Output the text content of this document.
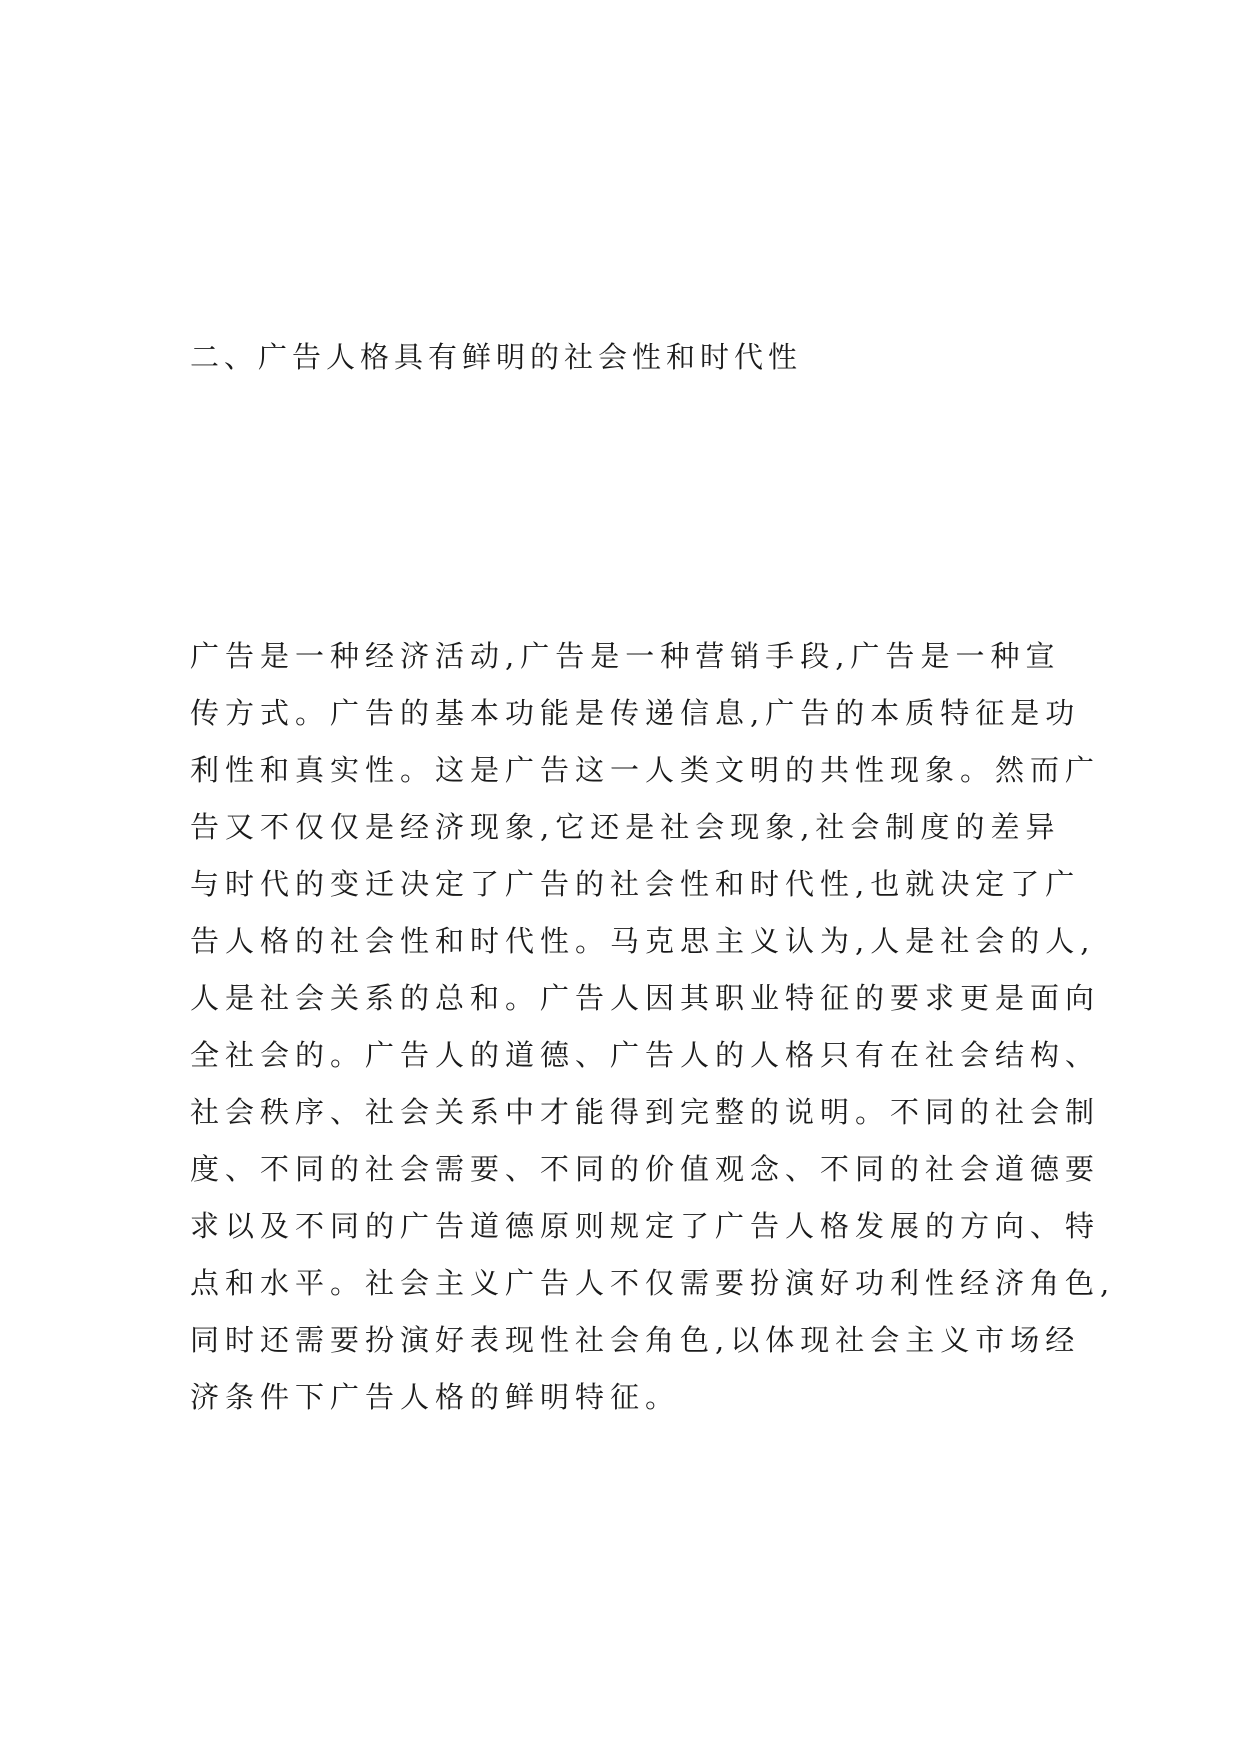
二、广告人格具有鲜明的社会性和时代性
广告是一种经济活动,广告是一种营销手段,广告是一种宣
传方式。广告的基本功能是传递信息,广告的本质特征是功
利性和真实性。这是广告这一人类文明的共性现象。然而广
告又不仅仅是经济现象,它还是社会现象,社会制度的差异
与时代的变迁决定了广告的社会性和时代性,也就决定了广
告人格的社会性和时代性。马克思主义认为,人是社会的人,
人是社会关系的总和。广告人因其职业特征的要求更是面向
全社会的。广告人的道德、广告人的人格只有在社会结构、
社会秩序、社会关系中才能得到完整的说明。不同的社会制
度、不同的社会需要、不同的价值观念、不同的社会道德要
求以及不同的广告道德原则规定了广告人格发展的方向、特
点和水平。社会主义广告人不仅需要扮演好功利性经济角色,
同时还需要扮演好表现性社会角色,以体现社会主义市场经
济条件下广告人格的鲜明特征。
